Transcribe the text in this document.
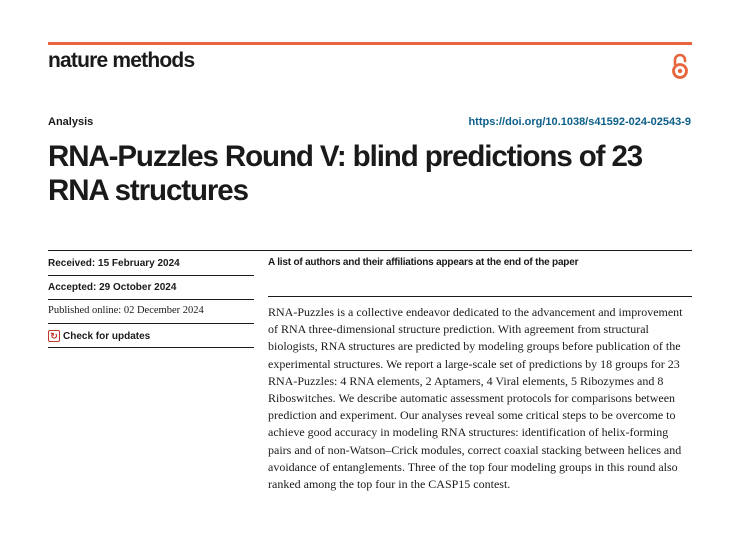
nature methods
Analysis	https://doi.org/10.1038/s41592-024-02543-9
RNA-Puzzles Round V: blind predictions of 23 RNA structures
Received: 15 February 2024
Accepted: 29 October 2024
Published online: 02 December 2024
↻ Check for updates
A list of authors and their affiliations appears at the end of the paper

RNA-Puzzles is a collective endeavor dedicated to the advancement and improvement of RNA three-dimensional structure prediction. With agreement from structural biologists, RNA structures are predicted by modeling groups before publication of the experimental structures. We report a large-scale set of predictions by 18 groups for 23 RNA-Puzzles: 4 RNA elements, 2 Aptamers, 4 Viral elements, 5 Ribozymes and 8 Riboswitches. We describe automatic assessment protocols for comparisons between prediction and experiment. Our analyses reveal some critical steps to be overcome to achieve good accuracy in modeling RNA structures: identification of helix-forming pairs and of non-Watson–Crick modules, correct coaxial stacking between helices and avoidance of entanglements. Three of the top four modeling groups in this round also ranked among the top four in the CASP15 contest.
